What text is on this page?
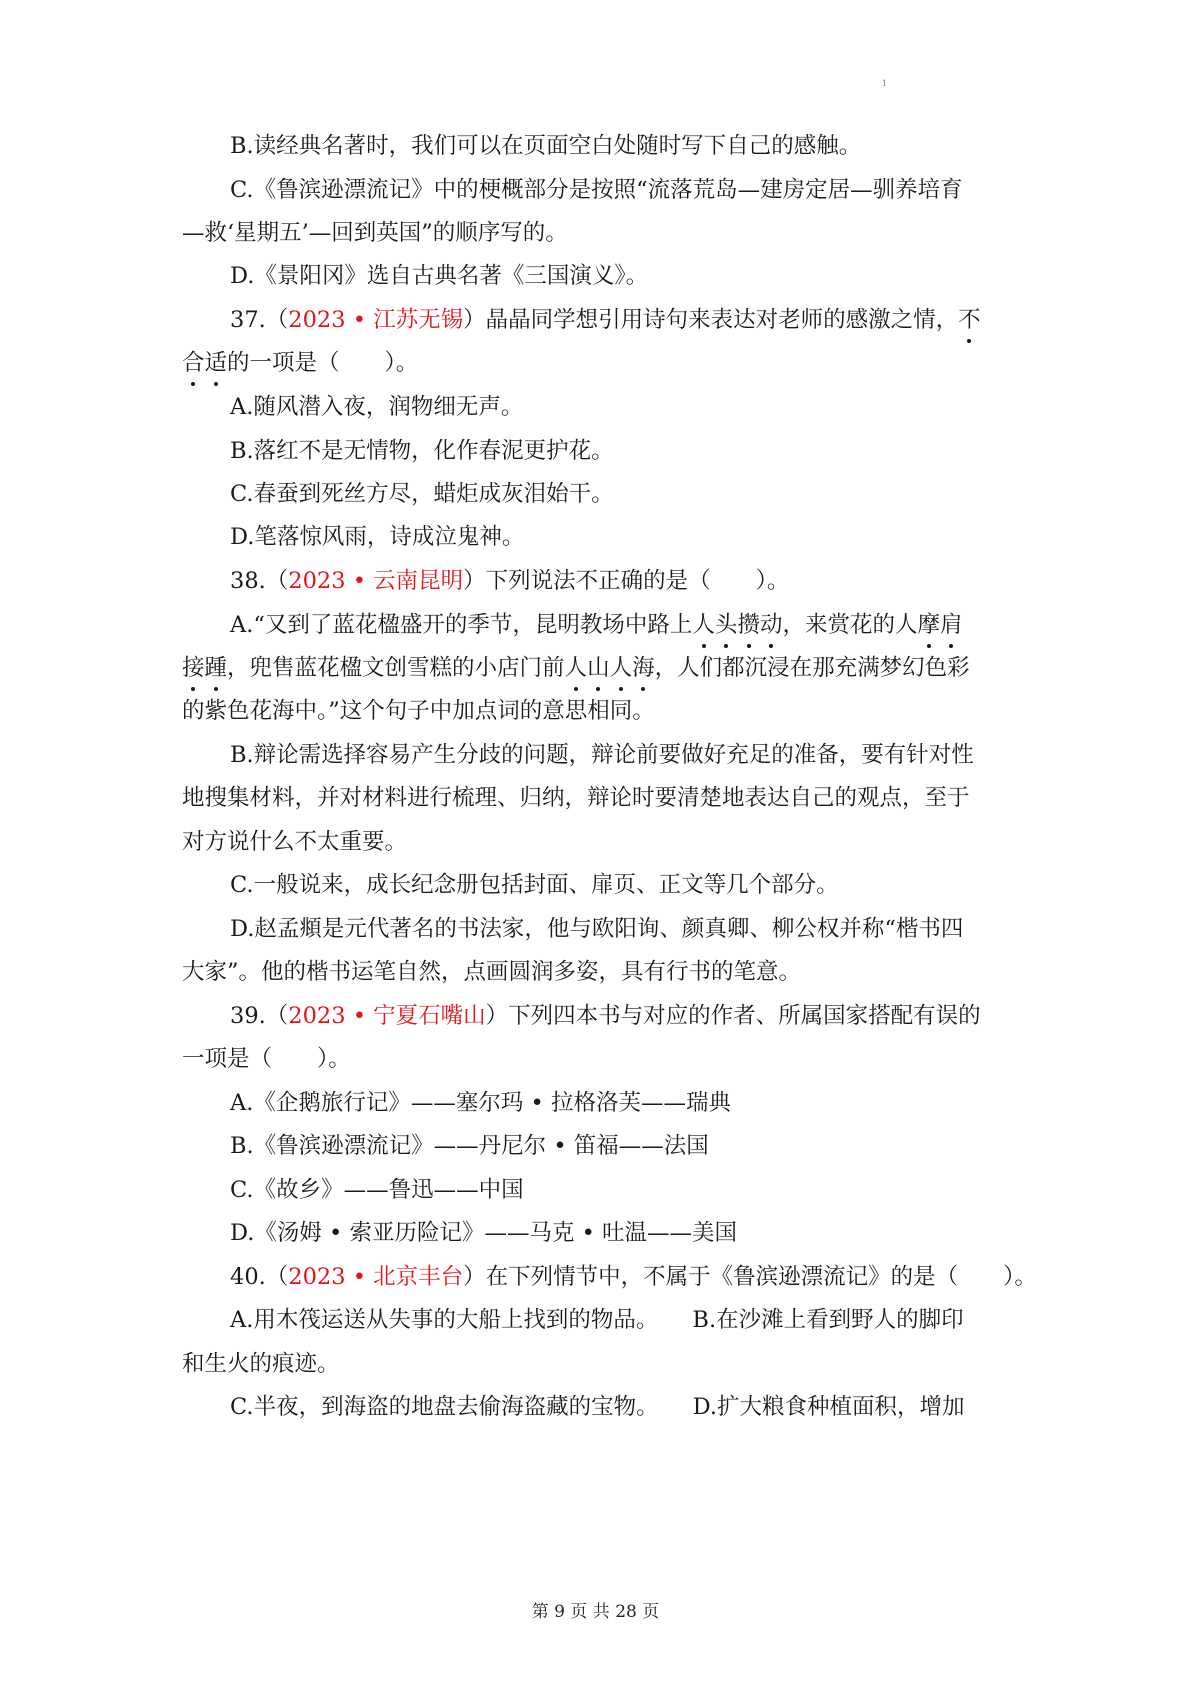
1
B.读经典名著时，我们可以在页面空白处随时写下自己的感触。
C.《鲁滨逊漂流记》中的梗概部分是按照“流落荒岛—建房定居—驯养培育
—救‘星期五’—回到英国”的顺序写的。
D.《景阳冈》选自古典名著《三国演义》。
37.（2023 • 江苏无锡）晶晶同学想引用诗句来表达对老师的感激之情，不
合适的一项是（　　）。
A.随风潜入夜，润物细无声。
B.落红不是无情物，化作春泥更护花。
C.春蚕到死丝方尽，蜡炬成灰泪始干。
D.笔落惊风雨，诗成泣鬼神。
38.（2023 • 云南昆明）下列说法不正确的是（　　）。
A.“又到了蓝花楹盛开的季节，昆明教场中路上人头攒动，来赏花的人摩肩
接踵，兜售蓝花楹文创雪糕的小店门前人山人海，人们都沉浸在那充满梦幻色彩
的紫色花海中。”这个句子中加点词的意思相同。
B.辩论需选择容易产生分歧的问题，辩论前要做好充足的准备，要有针对性
地搜集材料，并对材料进行梳理、归纳，辩论时要清楚地表达自己的观点，至于
对方说什么不太重要。
C.一般说来，成长纪念册包括封面、扉页、正文等几个部分。
D.赵孟頫是元代著名的书法家，他与欧阳询、颜真卿、柳公权并称“楷书四
大家”。他的楷书运笔自然，点画圆润多姿，具有行书的笔意。
39.（2023 • 宁夏石嘴山）下列四本书与对应的作者、所属国家搭配有误的
一项是（　　）。
A.《企鹅旅行记》——塞尔玛 • 拉格洛芙——瑞典
B.《鲁滨逊漂流记》——丹尼尔 • 笛福——法国
C.《故乡》——鲁迅——中国
D.《汤姆 • 索亚历险记》——马克 • 吐温——美国
40.（2023 • 北京丰台）在下列情节中，不属于《鲁滨逊漂流记》的是（　　）。
A.用木筏运送从失事的大船上找到的物品。 B.在沙滩上看到野人的脚印
和生火的痕迹。
C.半夜，到海盗的地盘去偷海盗藏的宝物。 D.扩大粮食种植面积，增加
第 9 页 共 28 页
